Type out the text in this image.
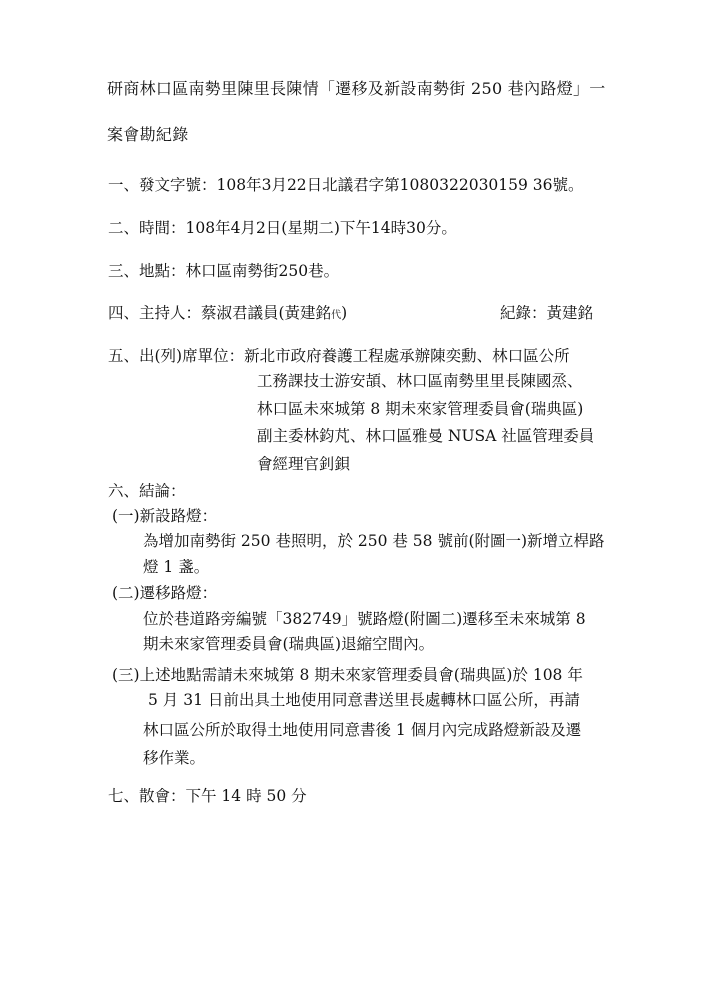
研商林口區南勢里陳里長陳情「遷移及新設南勢街 250 巷內路燈」一
案會勘紀錄
一、發文字號：108年3月22日北議君字第1080322030159 36號。
二、時間：108年4月2日(星期二)下午14時30分。
三、地點：林口區南勢街250巷。
四、主持人：蔡淑君議員(黃建銘代)	紀錄：黃建銘
五、出(列)席單位：新北市政府養護工程處承辦陳奕勳、林口區公所
工務課技士游安頡、林口區南勢里里長陳國烝、
林口區未來城第 8 期未來家管理委員會(瑞典區)
副主委林鈞芃、林口區雅曼 NUSA 社區管理委員
會經理官釗鋇
六、結論：
(一)新設路燈：
為增加南勢街 250 巷照明，於 250 巷 58 號前(附圖一)新增立桿路
燈 1 盞。
(二)遷移路燈：
位於巷道路旁編號「382749」號路燈(附圖二)遷移至未來城第 8
期未來家管理委員會(瑞典區)退縮空間內。
(三)上述地點需請未來城第 8 期未來家管理委員會(瑞典區)於 108 年
5 月 31 日前出具土地使用同意書送里長處轉林口區公所，再請
林口區公所於取得土地使用同意書後 1 個月內完成路燈新設及遷
移作業。
七、散會：下午 14 時 50 分
